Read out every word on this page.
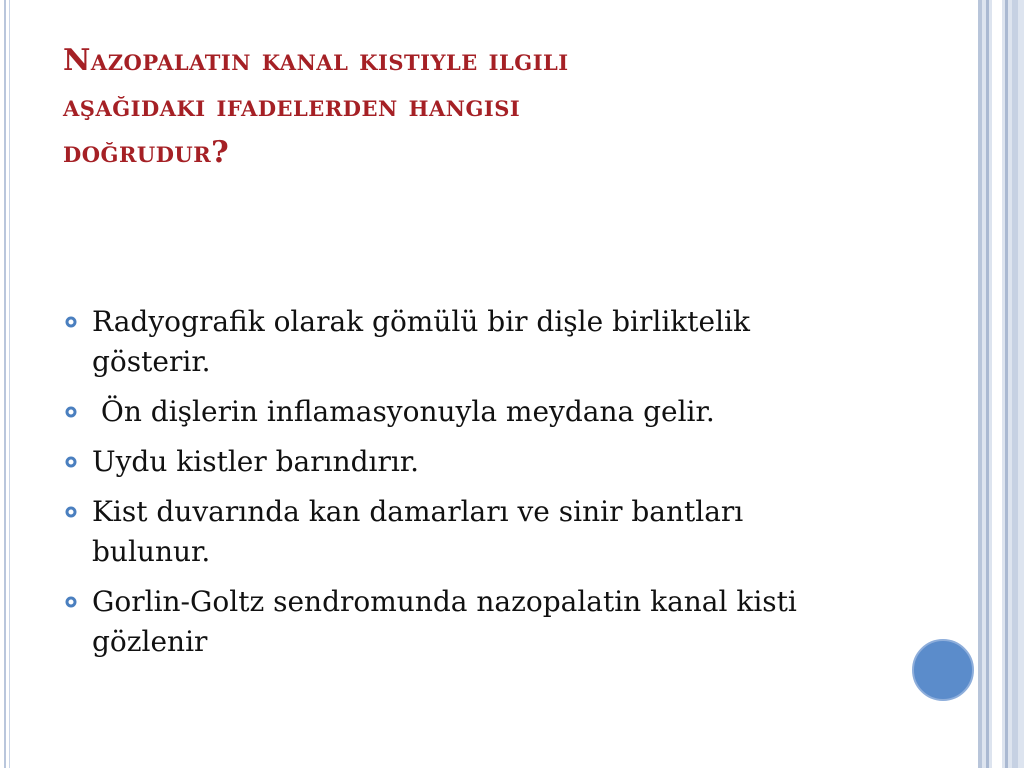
Nazopalatin kanal kistiyle ilgili
aşağıdaki ifadelerden hangisi
doğrudur?
Radyografik olarak gömülü bir dişle birliktelik gösterir.
Ön dişlerin inflamasyonuyla meydana gelir.
Uydu kistler barındırır.
Kist duvarında kan damarları ve sinir bantları bulunur.
Gorlin-Goltz sendromunda nazopalatin kanal kisti gözlenir
